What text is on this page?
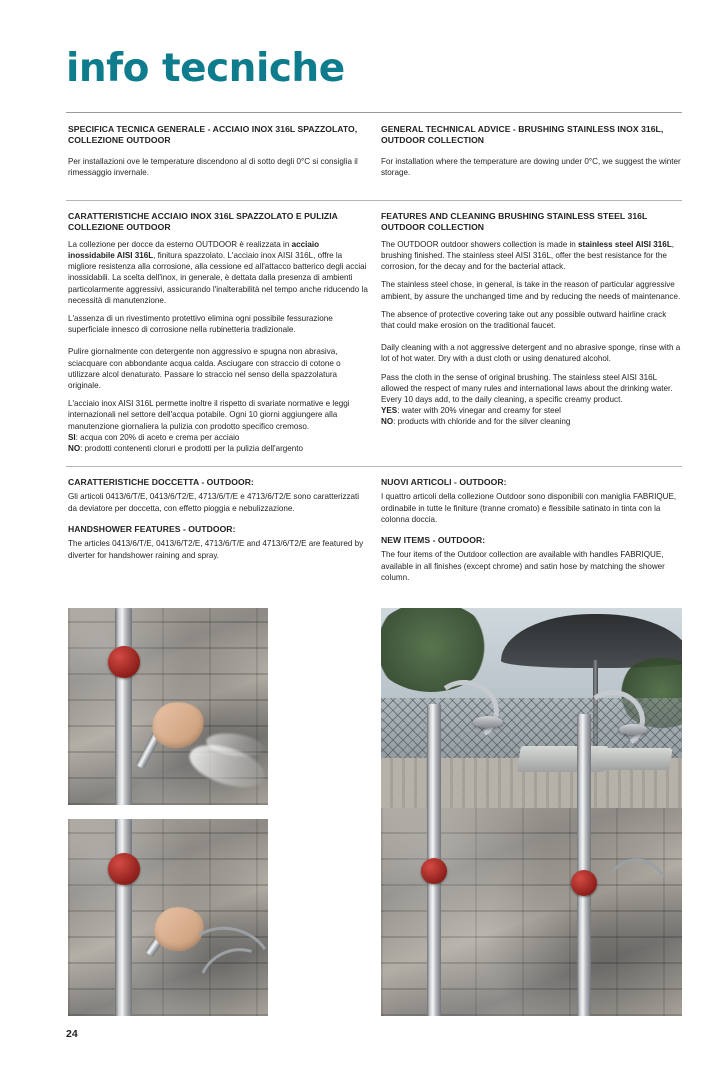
info tecniche
SPECIFICA TECNICA GENERALE - ACCIAIO INOX 316L SPAZZOLATO, COLLEZIONE OUTDOOR

Per installazioni ove le temperature discendono al di sotto degli 0°C si consiglia il rimessaggio invernale.

GENERAL TECHNICAL ADVICE - BRUSHING STAINLESS INOX 316L, OUTDOOR COLLECTION

For installation where the temperature are dowing under 0°C, we suggest the winter storage.

CARATTERISTICHE ACCIAIO INOX 316L SPAZZOLATO E PULIZIA COLLEZIONE OUTDOOR

La collezione per docce da esterno OUTDOOR è realizzata in acciaio inossidabile AISI 316L, finitura spazzolato. L'acciaio inox AISI 316L, offre la migliore resistenza alla corrosione, alla cessione ed all'attacco batterico degli acciai inossidabili. La scelta dell'inox, in generale, è dettata dalla presenza di ambienti particolarmente aggressivi, assicurando l'inalterabilità nel tempo anche riducendo la necessità di manutenzione.

L'assenza di un rivestimento protettivo elimina ogni possibile fessurazione superficiale innesco di corrosione nella rubinetteria tradizionale.

Pulire giornalmente con detergente non aggressivo e spugna non abrasiva, sciacquare con abbondante acqua calda. Asciugare con straccio di cotone o utilizzare alcol denaturato. Passare lo straccio nel senso della spazzolatura originale.

L'acciaio inox AISI 316L permette inoltre il rispetto di svariate normative e leggi internazionali nel settore dell'acqua potabile. Ogni 10 giorni aggiungere alla manutenzione giornaliera la pulizia con prodotto specifico cremoso.

SI: acqua con 20% di aceto e crema per acciaio

NO: prodotti contenenti cloruri e prodotti per la pulizia dell'argento

FEATURES AND CLEANING BRUSHING STAINLESS STEEL 316L OUTDOOR COLLECTION

The OUTDOOR outdoor showers collection is made in stainless steel AISI 316L, brushing finished. The stainless steel AISI 316L, offer the best resistance for the corrosion, for the decay and for the bacterial attack.

The stainless steel chose, in general, is take in the reason of particular aggressive ambient, by assure the unchanged time and by reducing the needs of maintenance.

The absence of protective covering take out any possible outward hairline crack that could make erosion on the traditional faucet.

Daily cleaning with a not aggressive detergent and no abrasive sponge, rinse with a lot of hot water. Dry with a dust cloth or using denatured alcohol.

Pass the cloth in the sense of original brushing. The stainless steel AISI 316L allowed the respect of many rules and international laws about the drinking water. Every 10 days add, to the daily cleaning, a specific creamy product.

YES: water with 20% vinegar and creamy for steel

NO: products with chloride and for the silver cleaning

CARATTERISTICHE DOCCETTA - OUTDOOR:

Gli articoli 0413/6/T/E, 0413/6/T2/E, 4713/6/T/E e 4713/6/T2/E sono caratterizzati da deviatore per doccetta, con effetto pioggia e nebulizzazione.

HANDSHOWER FEATURES - OUTDOOR:

The articles 0413/6/T/E, 0413/6/T2/E, 4713/6/T/E and 4713/6/T2/E are featured by diverter for handshower raining and spray.

NUOVI ARTICOLI - OUTDOOR:

I quattro articoli della collezione Outdoor sono disponibili con maniglia FABRIQUE, ordinabile in tutte le finiture (tranne cromato) e flessibile satinato in tinta con la colonna doccia.

NEW ITEMS - OUTDOOR:

The four items of the Outdoor collection are available with handles FABRIQUE, available in all finishes (except chrome) and satin hose by matching the shower column.

24
